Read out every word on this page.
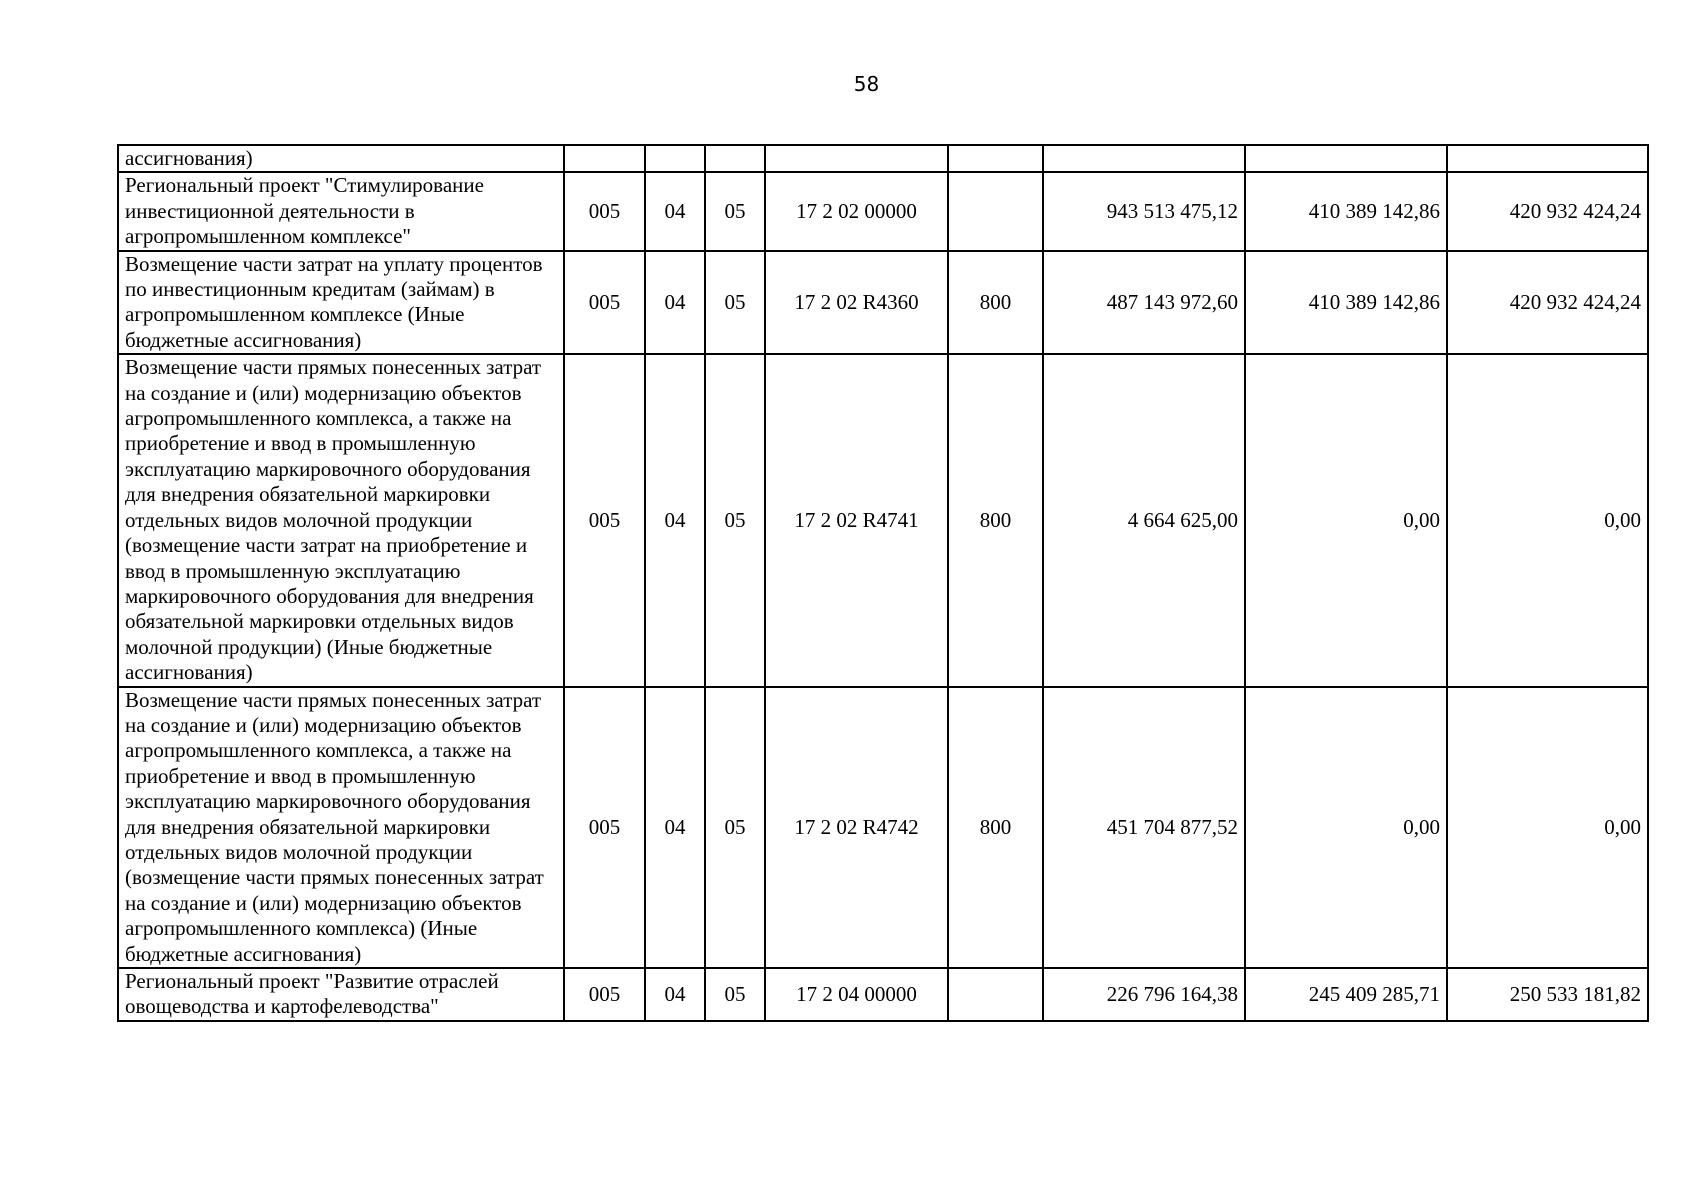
58
ассигнования)								
Региональный проект "Стимулирование инвестиционной деятельности в агропромышленном комплексе"	005	04	05	17 2 02 00000		943 513 475,12	410 389 142,86	420 932 424,24
Возмещение части затрат на уплату процентов по инвестиционным кредитам (займам) в агропромышленном комплексе (Иные бюджетные ассигнования)	005	04	05	17 2 02 R4360	800	487 143 972,60	410 389 142,86	420 932 424,24
Возмещение части прямых понесенных затрат на создание и (или) модернизацию объектов агропромышленного комплекса, а также на приобретение и ввод в промышленную эксплуатацию маркировочного оборудования для внедрения обязательной маркировки отдельных видов молочной продукции (возмещение части затрат на приобретение и ввод в промышленную эксплуатацию маркировочного оборудования для внедрения обязательной маркировки отдельных видов молочной продукции) (Иные бюджетные ассигнования)	005	04	05	17 2 02 R4741	800	4 664 625,00	0,00	0,00
Возмещение части прямых понесенных затрат на создание и (или) модернизацию объектов агропромышленного комплекса, а также на приобретение и ввод в промышленную эксплуатацию маркировочного оборудования для внедрения обязательной маркировки отдельных видов молочной продукции (возмещение части прямых понесенных затрат на создание и (или) модернизацию объектов агропромышленного комплекса) (Иные бюджетные ассигнования)	005	04	05	17 2 02 R4742	800	451 704 877,52	0,00	0,00
Региональный проект "Развитие отраслей овощеводства и картофелеводства"	005	04	05	17 2 04 00000		226 796 164,38	245 409 285,71	250 533 181,82
